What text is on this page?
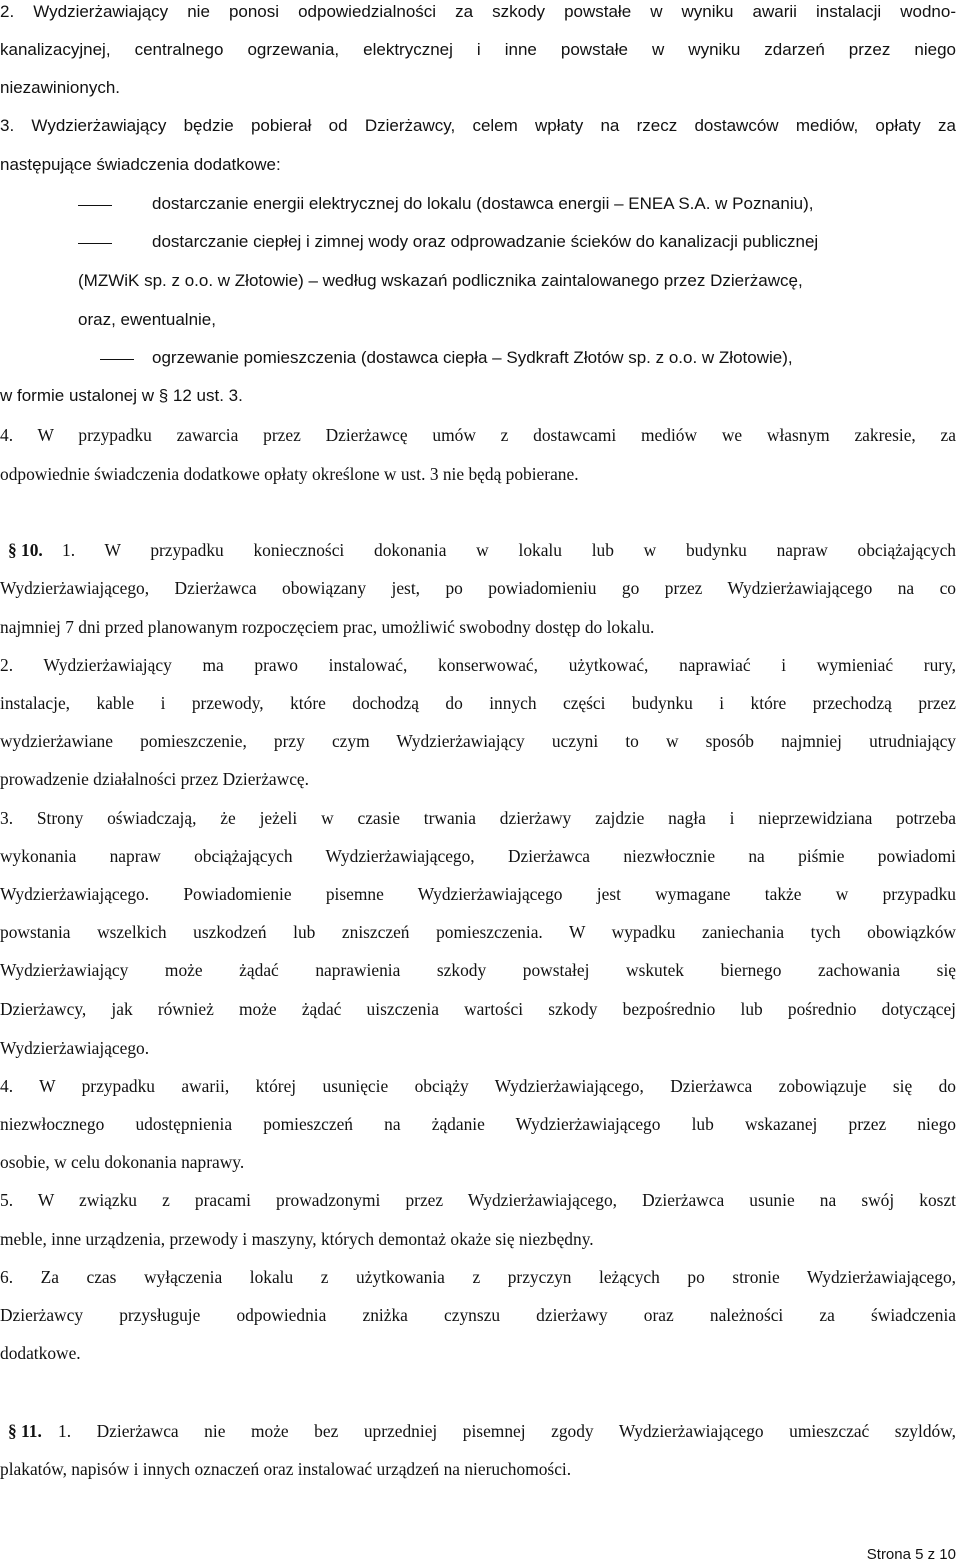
2. Wydzierżawiający nie ponosi odpowiedzialności za szkody powstałe w wyniku awarii instalacji wodno-
kanalizacyjnej, centralnego ogrzewania, elektrycznej i inne powstałe w wyniku zdarzeń przez niego
niezawinionych.
3. Wydzierżawiający będzie pobierał od Dzierżawcy, celem wpłaty na rzecz dostawców mediów, opłaty za
następujące świadczenia dodatkowe:
dostarczanie energii elektrycznej do lokalu (dostawca energii – ENEA S.A. w Poznaniu),
dostarczanie ciepłej i zimnej wody oraz odprowadzanie ścieków do kanalizacji publicznej
(MZWiK sp. z o.o. w Złotowie) – według wskazań podlicznika zaintalowanego przez Dzierżawcę,
oraz, ewentualnie,
ogrzewanie pomieszczenia (dostawca ciepła – Sydkraft Złotów sp. z o.o. w Złotowie),
w formie ustalonej w § 12 ust. 3.
4. W przypadku zawarcia przez Dzierżawcę umów z dostawcami mediów we własnym zakresie, za
odpowiednie świadczenia dodatkowe opłaty określone w ust. 3 nie będą pobierane.
§ 10.	1. W przypadku konieczności dokonania w lokalu lub w budynku napraw obciążających
Wydzierżawiającego, Dzierżawca obowiązany jest, po powiadomieniu go przez Wydzierżawiającego na co
najmniej 7 dni przed planowanym rozpoczęciem prac, umożliwić swobodny dostęp do lokalu.
2. Wydzierżawiający ma prawo instalować, konserwować, użytkować, naprawiać i wymieniać rury,
instalacje, kable i przewody, które dochodzą do innych części budynku i które przechodzą przez
wydzierżawiane pomieszczenie, przy czym Wydzierżawiający uczyni to w sposób najmniej utrudniający
prowadzenie działalności przez Dzierżawcę.
3. Strony oświadczają, że jeżeli w czasie trwania dzierżawy zajdzie nagła i nieprzewidziana potrzeba
wykonania napraw obciążających Wydzierżawiającego, Dzierżawca niezwłocznie na piśmie powiadomi
Wydzierżawiającego. Powiadomienie pisemne Wydzierżawiającego jest wymagane także w przypadku
powstania wszelkich uszkodzeń lub zniszczeń pomieszczenia. W wypadku zaniechania tych obowiązków
Wydzierżawiający może żądać naprawienia szkody powstałej wskutek biernego zachowania się
Dzierżawcy, jak również może żądać uiszczenia wartości szkody bezpośrednio lub pośrednio dotyczącej
Wydzierżawiającego.
4. W przypadku awarii, której usunięcie obciąży Wydzierżawiającego, Dzierżawca zobowiązuje się do
niezwłocznego udostępnienia pomieszczeń na żądanie Wydzierżawiającego lub wskazanej przez niego
osobie, w celu dokonania naprawy.
5. W związku z pracami prowadzonymi przez Wydzierżawiającego, Dzierżawca usunie na swój koszt
meble, inne urządzenia, przewody i maszyny, których demontaż okaże się niezbędny.
6. Za czas wyłączenia lokalu z użytkowania z przyczyn leżących po stronie Wydzierżawiającego,
Dzierżawcy przysługuje odpowiednia zniżka czynszu dzierżawy oraz należności za świadczenia
dodatkowe.
§ 11. 1. Dzierżawca nie może bez uprzedniej pisemnej zgody Wydzierżawiającego umieszczać szyldów,
plakatów, napisów i innych oznaczeń oraz instalować urządzeń na nieruchomości.
Strona 5 z 10
